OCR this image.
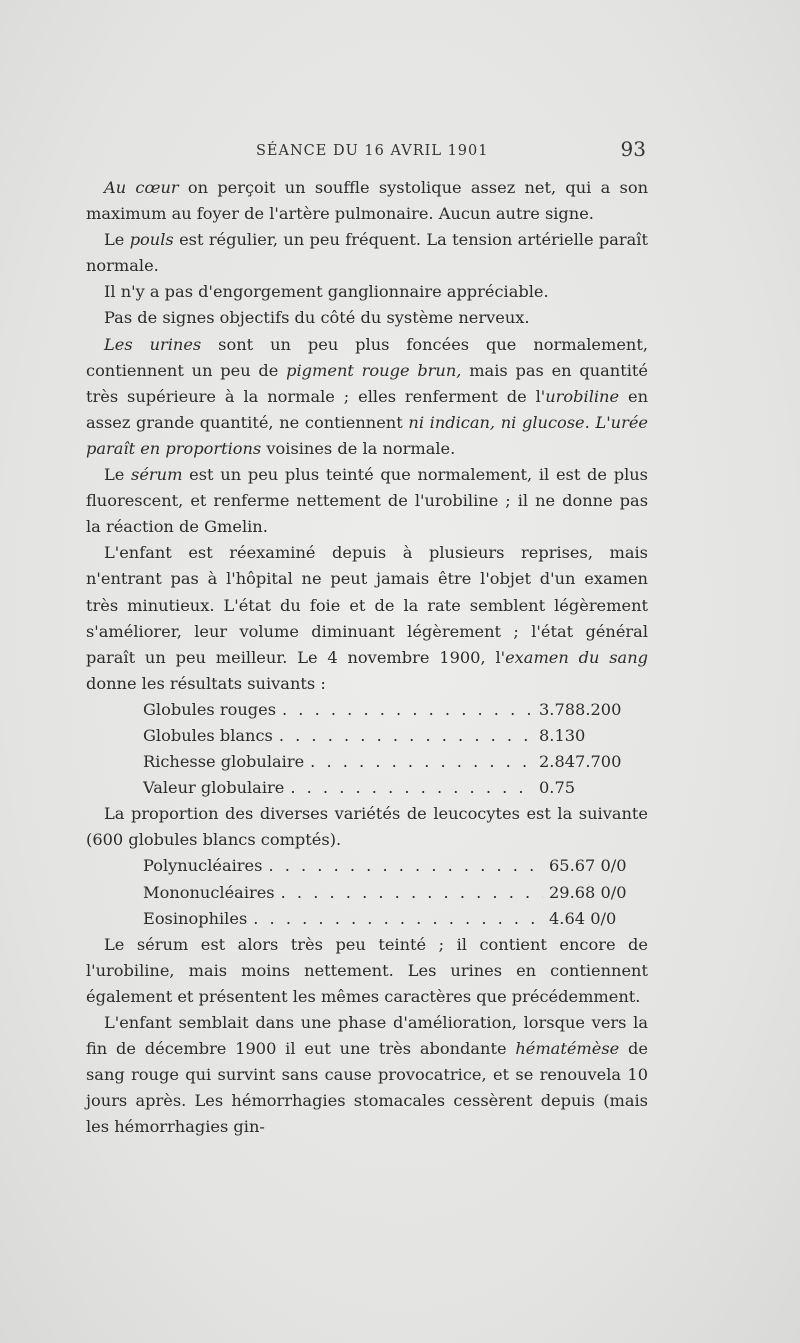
SÉANCE DU 16 AVRIL 1901	93

Au cœur on perçoit un souffle systolique assez net, qui a son maximum au foyer de l'artère pulmonaire. Aucun autre signe.

Le pouls est régulier, un peu fréquent. La tension artérielle paraît normale.

Il n'y a pas d'engorgement ganglionnaire appréciable.

Pas de signes objectifs du côté du système nerveux.

Les urines sont un peu plus foncées que normalement, contiennent un peu de pigment rouge brun, mais pas en quantité très supérieure à la normale ; elles renferment de l'urobiline en assez grande quantité, ne contiennent ni indican, ni glucose. L'urée paraît en proportions voisines de la normale.

Le sérum est un peu plus teinté que normalement, il est de plus fluorescent, et renferme nettement de l'urobiline ; il ne donne pas la réaction de Gmelin.

L'enfant est réexaminé depuis à plusieurs reprises, mais n'entrant pas à l'hôpital ne peut jamais être l'objet d'un examen très minutieux. L'état du foie et de la rate semblent légèrement s'améliorer, leur volume diminuant légèrement ; l'état général paraît un peu meilleur. Le 4 novembre 1900, l'examen du sang donne les résultats suivants :

Globules rouges . . .	3.788.200
Globules blancs . . .	8.130
Richesse globulaire . . .	2.847.700
Valeur globulaire . . .	0.75

La proportion des diverses variétés de leucocytes est la suivante (600 globules blancs comptés).

Polynucléaires . . .	65.67 0/0
Mononucléaires . . .	29.68 0/0
Eosinophiles . . .	4.64 0/0

Le sérum est alors très peu teinté ; il contient encore de l'urobiline, mais moins nettement. Les urines en contiennent également et présentent les mêmes caractères que précédemment.

L'enfant semblait dans une phase d'amélioration, lorsque vers la fin de décembre 1900 il eut une très abondante hématémèse de sang rouge qui survint sans cause provocatrice, et se renouvela 10 jours après. Les hémorrhagies stomacales cessèrent depuis (mais les hémorrhagies gin-
